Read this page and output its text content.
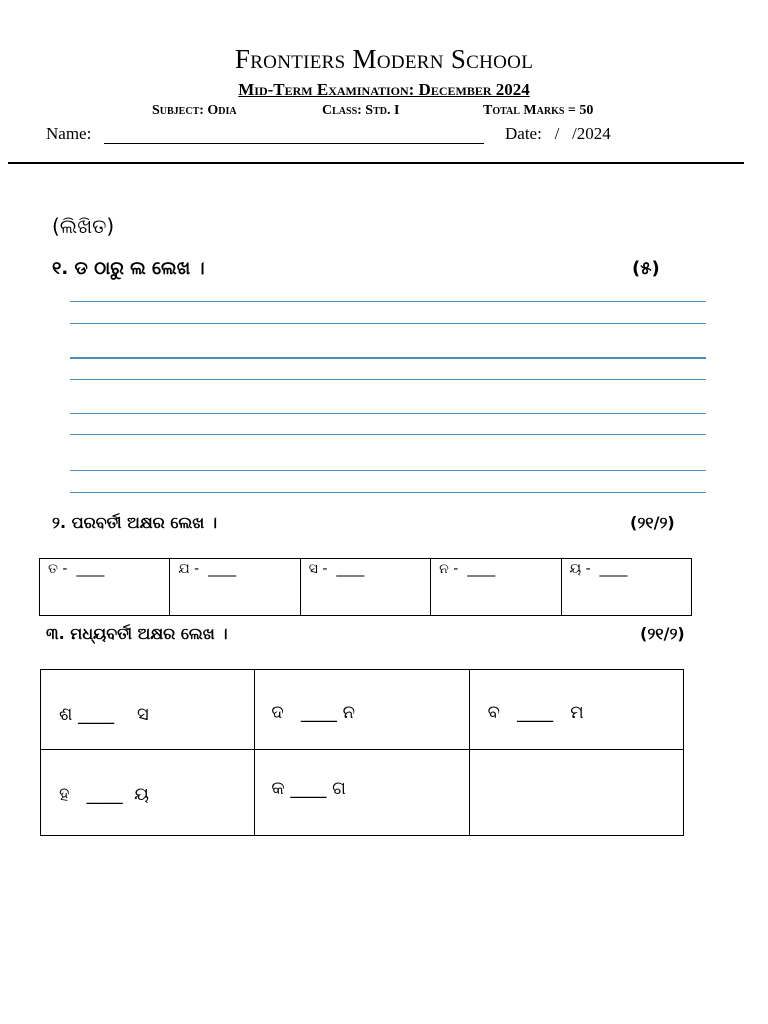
Frontiers Modern School
Mid-Term Examination: December 2024
Subject: Odia	Class: Std. I	Total Marks = 50
Name:	Date:   /   /2024
(ଲିଖିତ)
୧. ଡ ଠାରୁ ଲ ଲେଖ ।	(୫)
୨. ପରବର୍ତୀ ଅକ୍ଷର ଲେଖ ।	(୨୧/୨)
ତ -  ____	ଯ -  ____	ସ -  ____	ନ -  ____	ୟ -  ____
୩. ମଧ୍ୟବର୍ତୀ ଅକ୍ଷର ଲେଖ ।	(୨୧/୨)
ଶ ____    ସ	ଦ   ____ ନ	ବ   ____   ମ

ହ   ____  ୟ	କ ____ ଗ	
